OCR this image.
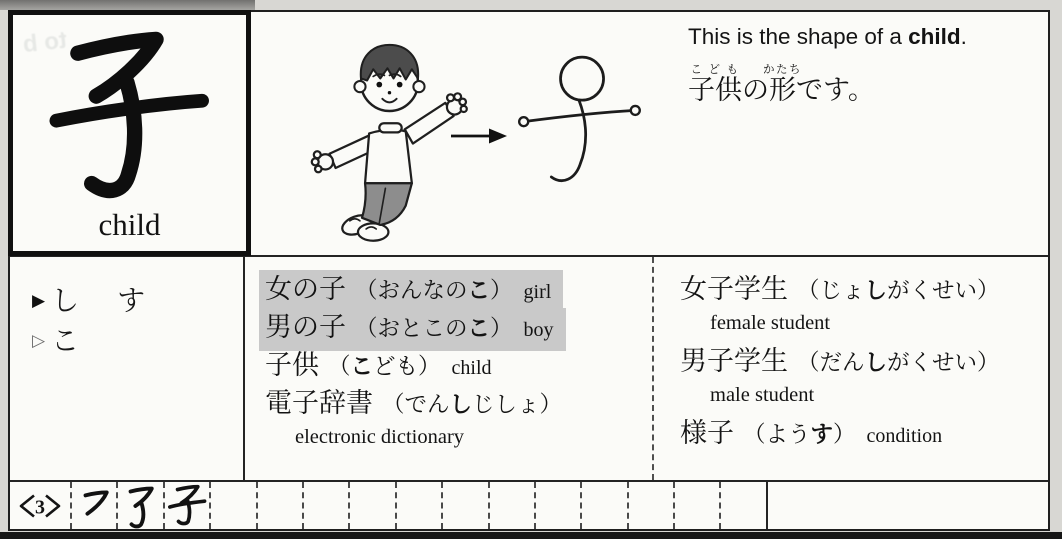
to b
child
This is the shape of a child.
子供こどもの形かたちです。
▶ し す
▷ こ
女の子 （おんなのこ） girl
男の子 （おとこのこ） boy
子供 （こども） child
電子辞書 （でんしじしょ）
electronic dictionary
女子学生 （じょしがくせい）
female student
男子学生 （だんしがくせい）
male student
様子 （ようす） condition
3
